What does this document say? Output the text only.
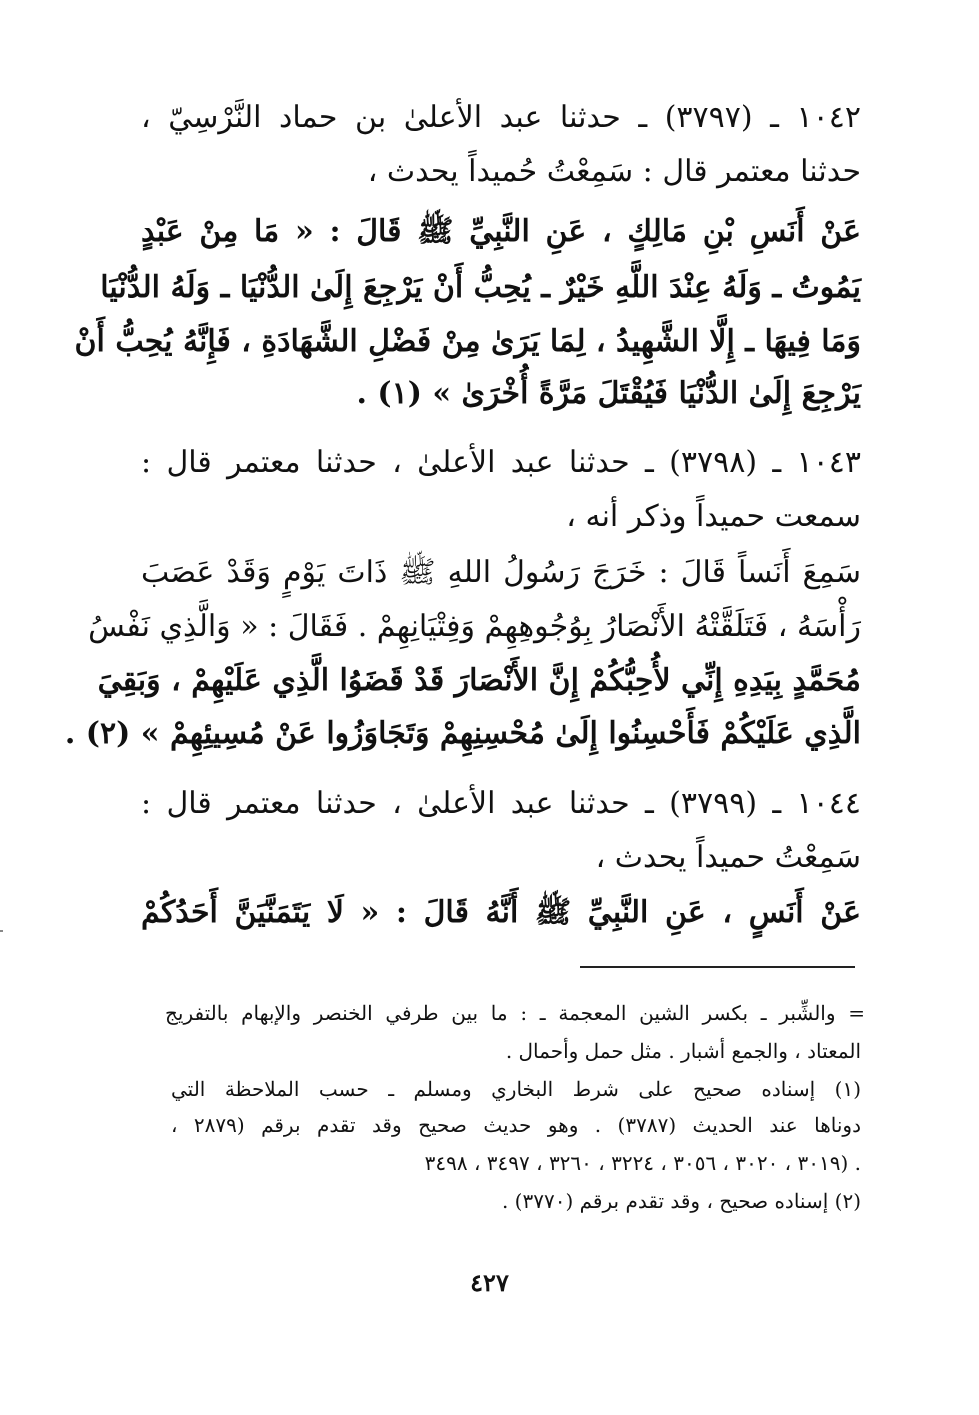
١٠٤٢ ـ (٣٧٩٧) ـ حدثنا عبد الأعلىٰ بن حماد النَّرْسِيّ ،
حدثنا معتمر قال : سَمِعْتُ حُميداً يحدث ،
عَنْ أَنَسِ بْنِ مَالِكٍ ، عَنِ النَّبِيِّ ﷺ قَالَ : « مَا مِنْ عَبْدٍ
يَمُوتُ ـ وَلَهُ عِنْدَ اللَّهِ خَيْرٌ ـ يُحِبُّ أَنْ يَرْجِعَ إِلَىٰ الدُّنْيَا ـ وَلَهُ الدُّنْيَا
وَمَا فِيهَا ـ إِلَّا الشَّهِيدُ ، لِمَا يَرَىٰ مِنْ فَضْلِ الشَّهَادَةِ ، فَإِنَّهُ يُحِبُّ أَنْ
يَرْجِعَ إِلَىٰ الدُّنْيَا فَيُقْتَلَ مَرَّةً أُخْرَىٰ » (١) .
١٠٤٣ ـ (٣٧٩٨) ـ حدثنا عبد الأعلىٰ ، حدثنا معتمر قال :
سمعت حميداً وذكر أنه ،
سَمِعَ أَنَساً قَالَ : خَرَجَ رَسُولُ اللهِ ﷺ ذَاتَ يَوْمٍ وَقَدْ عَصَبَ
رَأْسَهُ ، فَتَلَقَّتْهُ الأَنْصَارُ بِوُجُوهِهِمْ وَفِتْيَانِهِمْ . فَقَالَ : « وَالَّذِي نَفْسُ
مُحَمَّدٍ بِيَدِهِ إِنِّي لأُحِبُّكُمْ إِنَّ الأَنْصَارَ قَدْ قَضَوُا الَّذِي عَلَيْهِمْ ، وَبَقِيَ
الَّذِي عَلَيْكُمْ فَأَحْسِنُوا إِلَىٰ مُحْسِنِهِمْ وَتَجَاوَزُوا عَنْ مُسِيئِهِمْ » (٢) .
١٠٤٤ ـ (٣٧٩٩) ـ حدثنا عبد الأعلىٰ ، حدثنا معتمر قال :
سَمِعْتُ حميداً يحدث ،
عَنْ أَنَسٍ ، عَنِ النَّبِيِّ ﷺ أَنَّهُ قَالَ : « لَا يَتَمَنَّيَنَّ أَحَدُكُمْ
= والشِّبر ـ بكسر الشين المعجمة ـ : ما بين طرفي الخنصر والإبهام بالتفريج
المعتاد ، والجمع أشبار . مثل حمل وأحمال .
(١) إسناده صحيح على شرط البخاري ومسلم ـ حسب الملاحظة التي
دوناها عند الحديث (٣٧٨٧) . وهو حديث صحيح وقد تقدم برقم (٢٨٧٩ ،
٣٠١٩ ، ٣٠٢٠ ، ٣٠٥٦ ، ٣٢٢٤ ، ٣٢٦٠ ، ٣٤٩٧ ، ٣٤٩٨) .
(٢) إسناده صحيح ، وقد تقدم برقم (٣٧٧٠) .
٤٢٧
